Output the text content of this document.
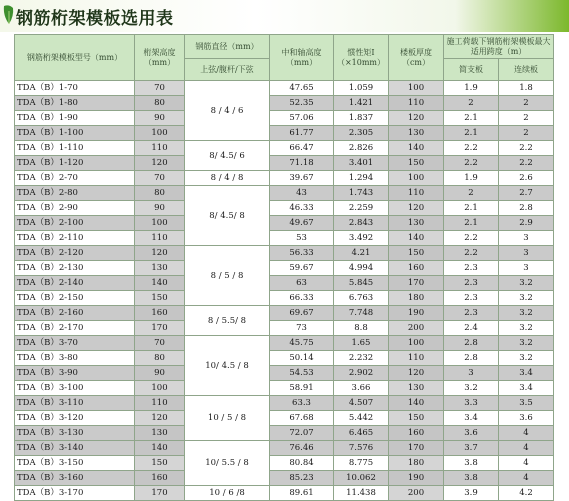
钢筋桁架模板选用表
钢筋桁架模板型号（mm）	桁架高度（mm）	钢筋直径（mm）	中和轴高度（mm）	惯性矩I（×10mm）	楼板厚度（cm）	施工荷载下钢筋桁架模板最大适用跨度（m）	
		上弦/腹杆/下弦				简支板	连续板
TDA（B）1-70	70	8 / 4 / 6	47.65	1.059	100	1.9	1.8
TDA（B）1-80	80		52.35	1.421	110	2	2
TDA（B）1-90	90		57.06	1.837	120	2.1	2
TDA（B）1-100	100		61.77	2.305	130	2.1	2
TDA（B）1-110	110	8/ 4.5/ 6	66.47	2.826	140	2.2	2.2
TDA（B）1-120	120		71.18	3.401	150	2.2	2.2
TDA（B）2-70	70	8 / 4 / 8	39.67	1.294	100	1.9	2.6
TDA（B）2-80	80	8/ 4.5/ 8	43	1.743	110	2	2.7
TDA（B）2-90	90		46.33	2.259	120	2.1	2.8
TDA（B）2-100	100		49.67	2.843	130	2.1	2.9
TDA（B）2-110	110		53	3.492	140	2.2	3
TDA（B）2-120	120	8 / 5 / 8	56.33	4.21	150	2.2	3
TDA（B）2-130	130		59.67	4.994	160	2.3	3
TDA（B）2-140	140		63	5.845	170	2.3	3.2
TDA（B）2-150	150		66.33	6.763	180	2.3	3.2
TDA（B）2-160	160	8 / 5.5/ 8	69.67	7.748	190	2.3	3.2
TDA（B）2-170	170		73	8.8	200	2.4	3.2
TDA（B）3-70	70	10/ 4.5 / 8	45.75	1.65	100	2.8	3.2
TDA（B）3-80	80		50.14	2.232	110	2.8	3.2
TDA（B）3-90	90		54.53	2.902	120	3	3.4
TDA（B）3-100	100		58.91	3.66	130	3.2	3.4
TDA（B）3-110	110	10 / 5 / 8	63.3	4.507	140	3.3	3.5
TDA（B）3-120	120		67.68	5.442	150	3.4	3.6
TDA（B）3-130	130		72.07	6.465	160	3.6	4
TDA（B）3-140	140	10/ 5.5 / 8	76.46	7.576	170	3.7	4
TDA（B）3-150	150		80.84	8.775	180	3.8	4
TDA（B）3-160	160		85.23	10.062	190	3.8	4
TDA（B）3-170	170	10 / 6 /8	89.61	11.438	200	3.9	4.2
